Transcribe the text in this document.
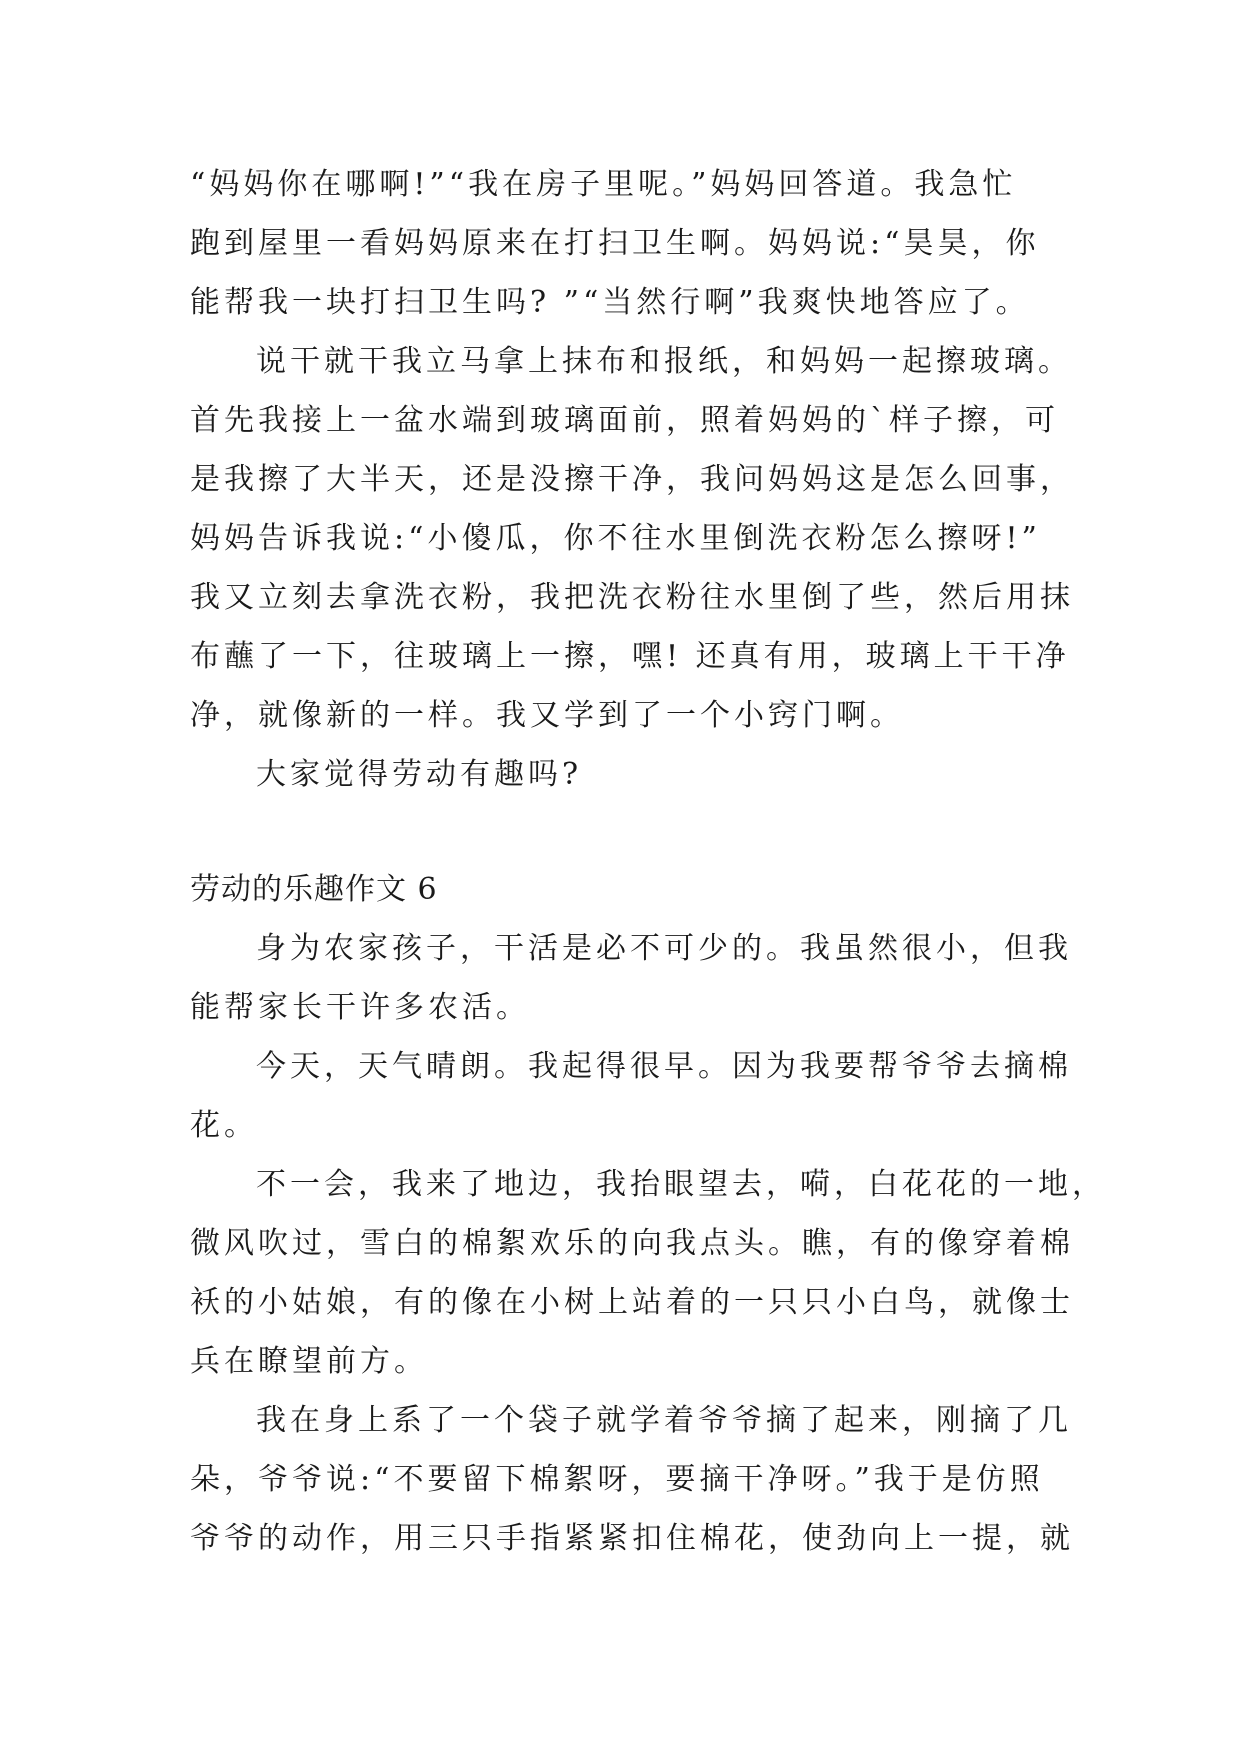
“妈妈你在哪啊!”“我在房子里呢。”妈妈回答道。我急忙
跑到屋里一看妈妈原来在打扫卫生啊。妈妈说:“昊昊，你
能帮我一块打扫卫生吗? ”“当然行啊”我爽快地答应了。
说干就干我立马拿上抹布和报纸，和妈妈一起擦玻璃。
首先我接上一盆水端到玻璃面前，照着妈妈的`样子擦，可
是我擦了大半天，还是没擦干净，我问妈妈这是怎么回事，
妈妈告诉我说:“小傻瓜，你不往水里倒洗衣粉怎么擦呀!”
我又立刻去拿洗衣粉，我把洗衣粉往水里倒了些，然后用抹
布蘸了一下，往玻璃上一擦，嘿! 还真有用，玻璃上干干净
净，就像新的一样。我又学到了一个小窍门啊。
大家觉得劳动有趣吗?
劳动的乐趣作文 6
身为农家孩子，干活是必不可少的。我虽然很小，但我
能帮家长干许多农活。
今天，天气晴朗。我起得很早。因为我要帮爷爷去摘棉
花。
不一会，我来了地边，我抬眼望去，嗬，白花花的一地，
微风吹过，雪白的棉絮欢乐的向我点头。瞧，有的像穿着棉
袄的小姑娘，有的像在小树上站着的一只只小白鸟，就像士
兵在瞭望前方。
我在身上系了一个袋子就学着爷爷摘了起来，刚摘了几
朵，爷爷说:“不要留下棉絮呀，要摘干净呀。”我于是仿照
爷爷的动作，用三只手指紧紧扣住棉花，使劲向上一提，就
